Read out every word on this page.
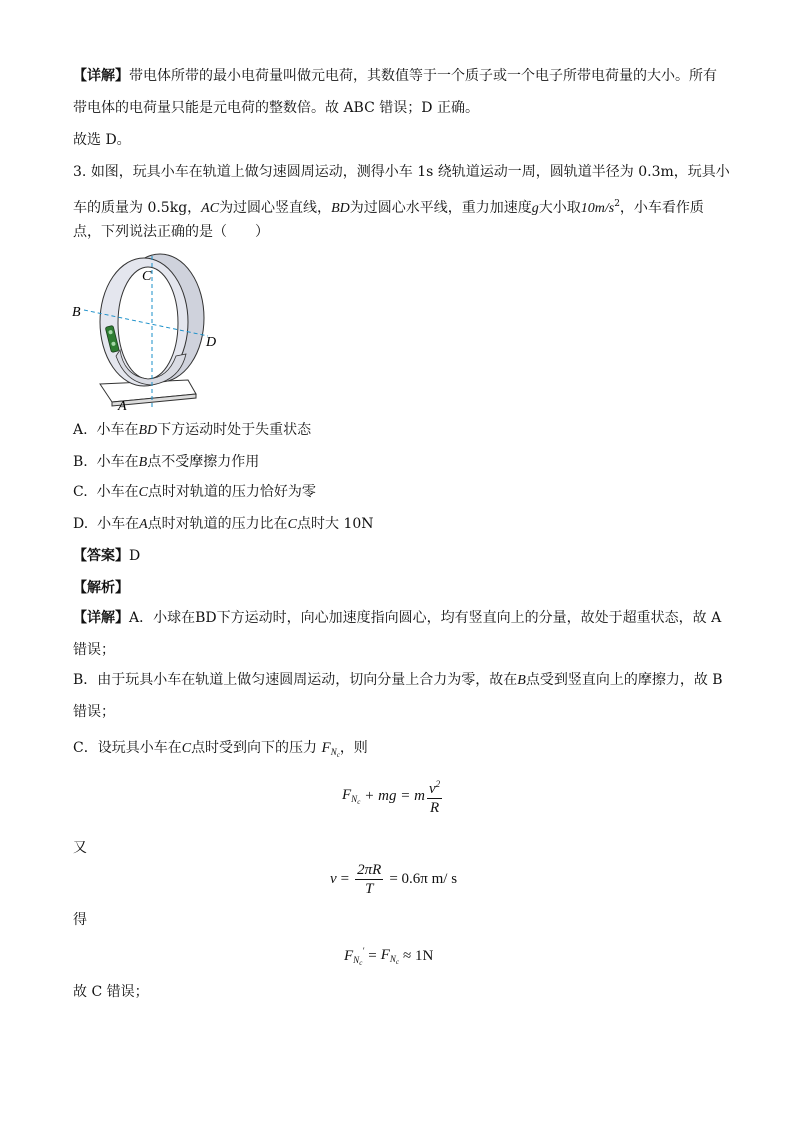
【详解】带电体所带的最小电荷量叫做元电荷，其数值等于一个质子或一个电子所带电荷量的大小。所有
带电体的电荷量只能是元电荷的整数倍。故 ABC 错误；D 正确。
故选 D。
3. 如图，玩具小车在轨道上做匀速圆周运动，测得小车 1s 绕轨道运动一周，圆轨道半径为 0.3m，玩具小
车的质量为 0.5kg，AC为过圆心竖直线，BD为过圆心水平线，重力加速度g大小取$10m/s^2$，小车看作质
点，下列说法正确的是（　　）
C
B
D
A
A. 小车在BD下方运动时处于失重状态
B. 小车在B点不受摩擦力作用
C. 小车在C点时对轨道的压力恰好为零
D. 小车在A点时对轨道的压力比在C点时大 10N
【答案】D
【解析】
【详解】A．小球在BD下方运动时，向心加速度指向圆心，均有竖直向上的分量，故处于超重状态，故 A
错误；
B．由于玩具小车在轨道上做匀速圆周运动，切向分量上合力为零，故在B点受到竖直向上的摩擦力，故 B
错误；
C．设玩具小车在C点时受到向下的压力 $F_{N_c}$，则
$F_{N_c}$ + mg = m $\frac{v^2}{R}$
又
$v = \frac{2\pi R}{T} = 0.6\pi$ m/ s
得
$F_{N_c}' = F_{N_c} \approx 1N$
故 C 错误；
